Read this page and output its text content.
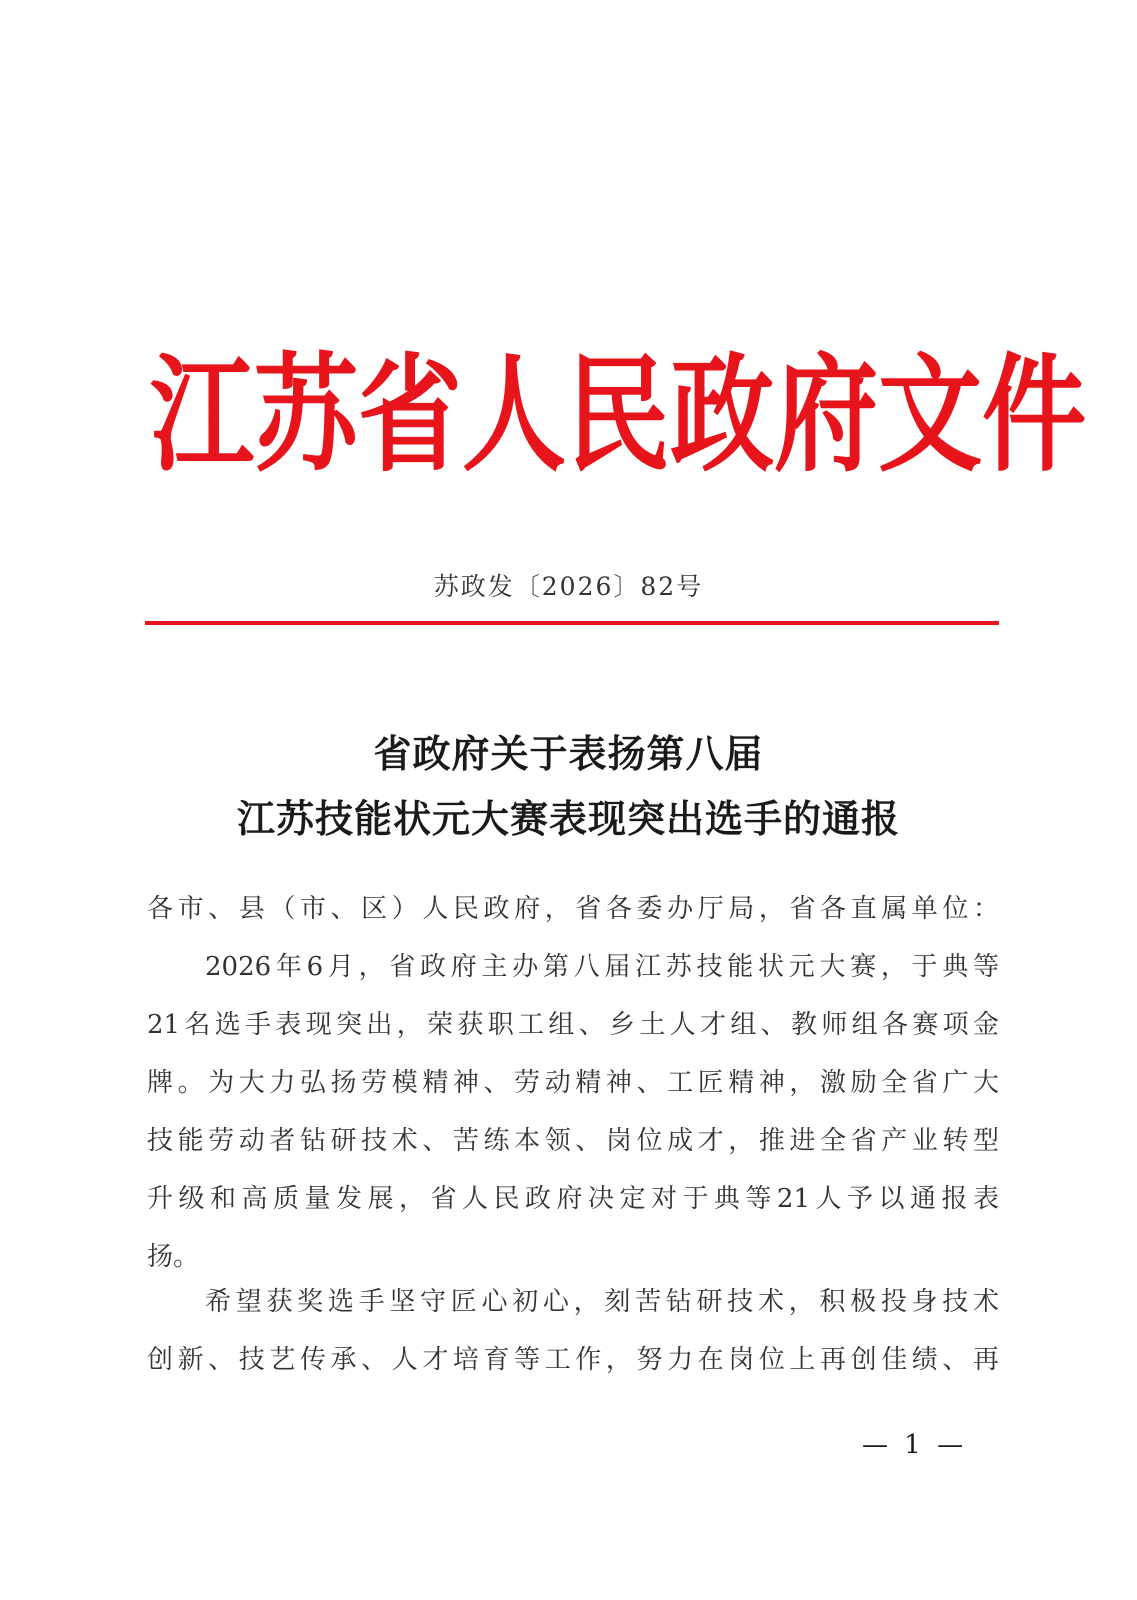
江 苏 省 人 民 政 府 文 件
苏政发〔2026〕82号
省政府关于表扬第八届
江苏技能状元大赛表现突出选手的通报
各市、县（市、区）人民政府，省各委办厅局，省各直属单位：
2026年6月，省政府主办第八届江苏技能状元大赛，于典等
21名选手表现突出，荣获职工组、乡土人才组、教师组各赛项金
牌。为大力弘扬劳模精神、劳动精神、工匠精神，激励全省广大
技能劳动者钻研技术、苦练本领、岗位成才，推进全省产业转型
升级和高质量发展，省人民政府决定对于典等21人予以通报表
扬。
希望获奖选手坚守匠心初心，刻苦钻研技术，积极投身技术
创新、技艺传承、人才培育等工作，努力在岗位上再创佳绩、再
— 1 —
